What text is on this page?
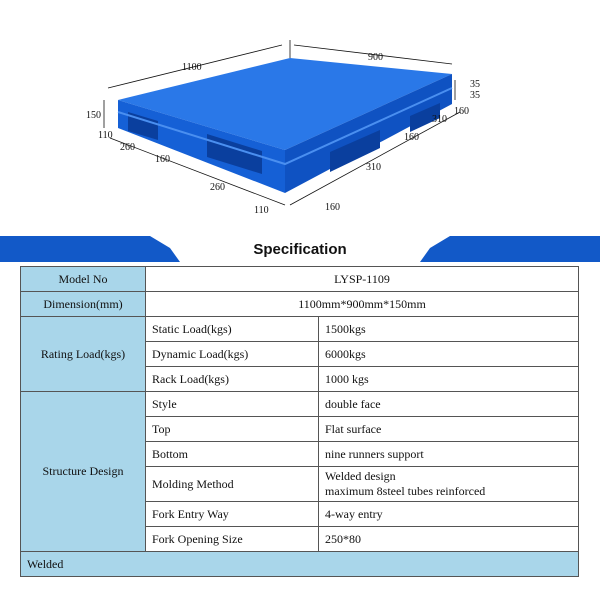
1100
900
150
35
35
110
260
160
260
110	160
310
160
310
160
Specification
Model No	LYSP-1109	
Dimension(mm)	1100mm*900mm*150mm	
Rating Load(kgs)	Static Load(kgs)	1500kgs
	Dynamic Load(kgs)	6000kgs
	Rack Load(kgs)	1000 kgs
Structure Design	Style	double face
	Top	Flat surface
	Bottom	nine runners support
	Molding Method	Welded design
maximum 8steel tubes reinforced

	Fork Entry Way	4-way entry
	Fork Opening Size	250*80
Welded		
